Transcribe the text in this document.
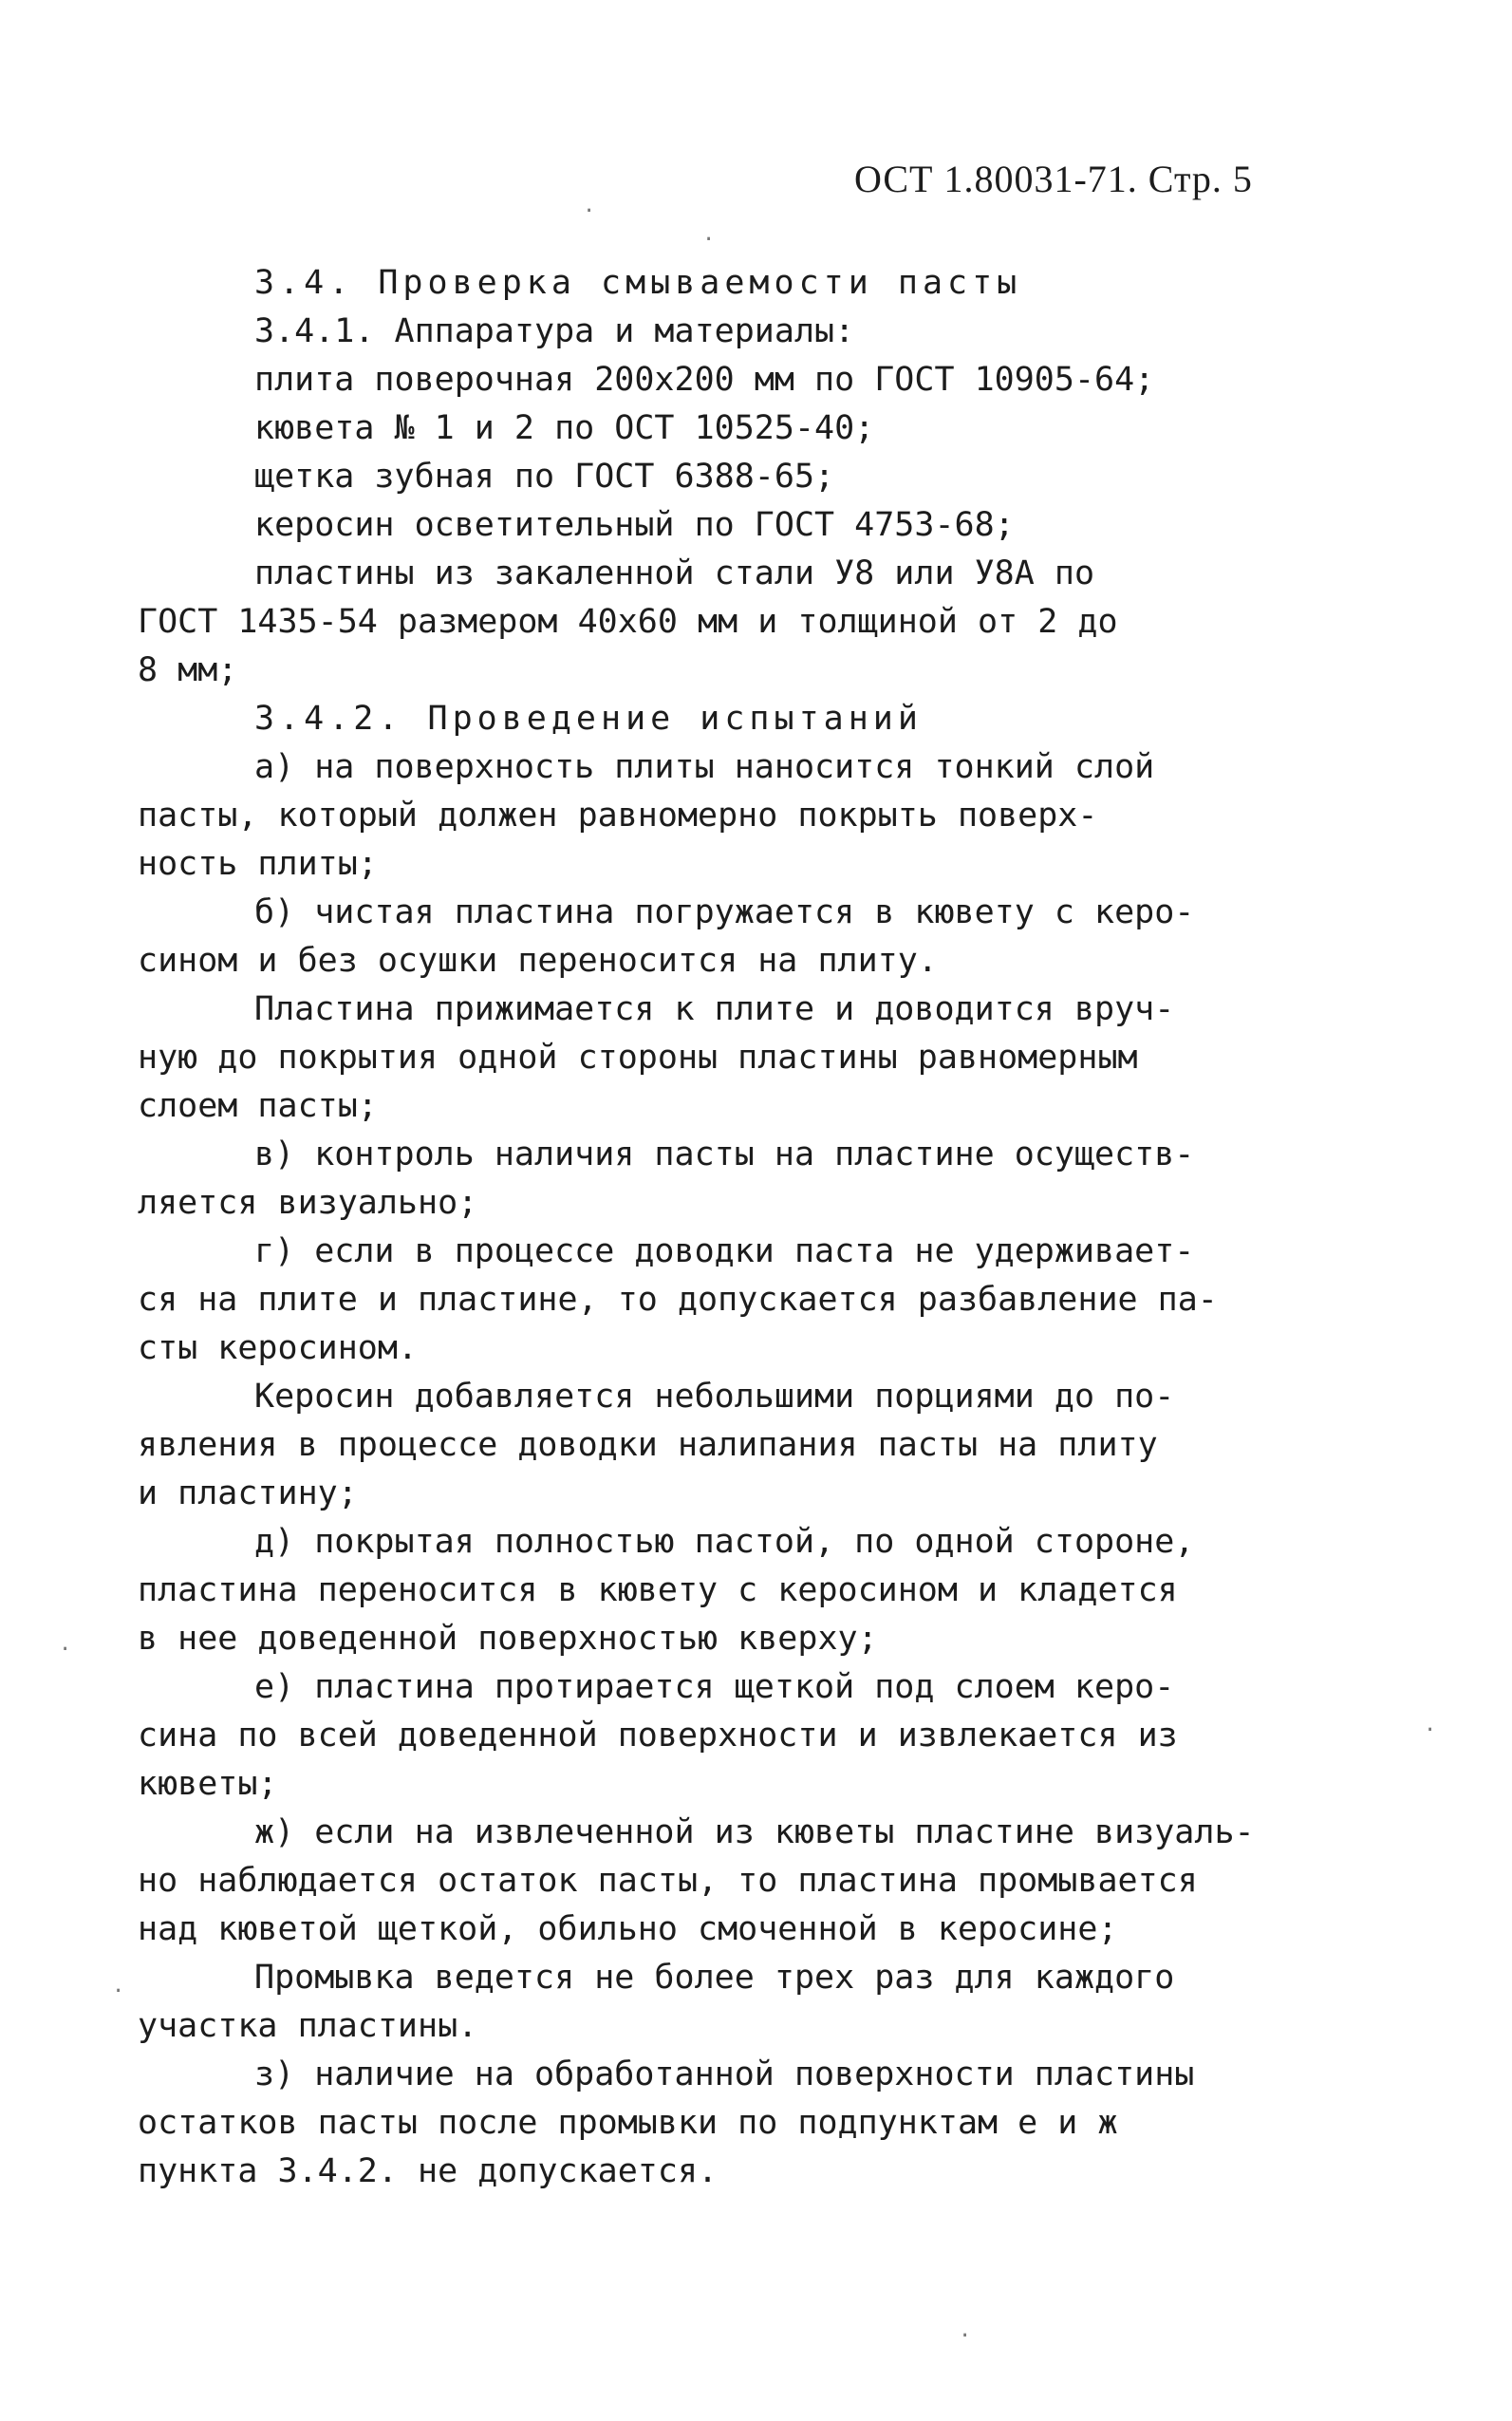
ОСТ 1.80031-71. Стр. 5
3.4. Проверка смываемости пасты
3.4.1. Аппаратура и материалы:
плита поверочная 200х200 мм по ГОСТ 10905-64;
кювета № 1 и 2 по ОСТ 10525-40;
щетка зубная по ГОСТ 6388-65;
керосин осветительный по ГОСТ 4753-68;
пластины из закаленной стали У8 или У8А по
ГОСТ 1435-54 размером 40х60 мм и толщиной от 2 до
8 мм;
3.4.2. Проведение испытаний
а) на поверхность плиты наносится тонкий слой
пасты, который должен равномерно покрыть поверх-
ность плиты;
б) чистая пластина погружается в кювету с керо-
сином и без осушки переносится на плиту.
Пластина прижимается к плите и доводится вруч-
ную до покрытия одной стороны пластины равномерным
слоем пасты;
в) контроль наличия пасты на пластине осуществ-
ляется визуально;
г) если в процессе доводки паста не удерживает-
ся на плите и пластине, то допускается разбавление па-
сты керосином.
Керосин добавляется небольшими порциями до по-
явления в процессе доводки налипания пасты на плиту
и пластину;
д) покрытая полностью пастой, по одной стороне,
пластина переносится в кювету с керосином и кладется
в нее доведенной поверхностью кверху;
е) пластина протирается щеткой под слоем керо-
сина по всей доведенной поверхности и извлекается из
кюветы;
ж) если на извлеченной из кюветы пластине визуаль-
но наблюдается остаток пасты, то пластина промывается
над кюветой щеткой, обильно смоченной в керосине;
Промывка ведется не более трех раз для каждого
участка пластины.
з) наличие на обработанной поверхности пластины
остатков пасты после промывки по подпунктам е и ж
пункта 3.4.2. не допускается.
·
·
·
·
·
·
